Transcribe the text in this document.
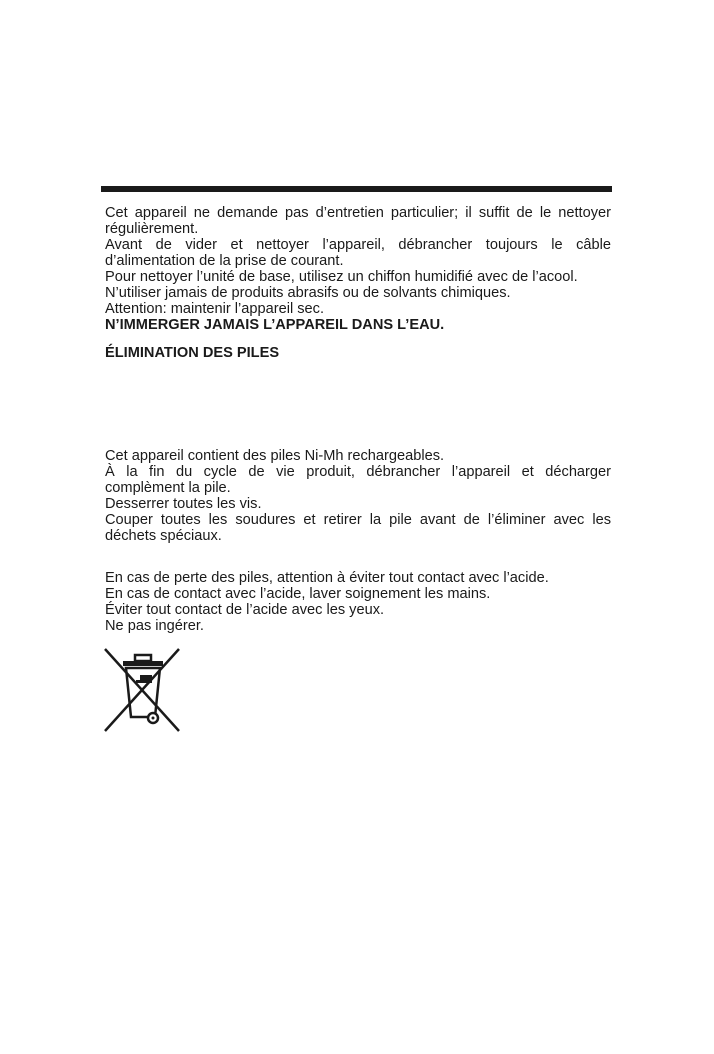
Cet appareil ne demande pas d’entretien particulier; il suffit de le nettoyer
régulièrement.
Avant de vider et nettoyer l’appareil, débrancher toujours le câble
d’alimentation de la prise de courant.
Pour nettoyer l’unité de base, utilisez un chiffon humidifié avec de l’acool.
N’utiliser jamais de produits abrasifs ou de solvants chimiques.
Attention: maintenir l’appareil sec.
N’IMMERGER JAMAIS L’APPAREIL DANS L’EAU.
ÉLIMINATION DES PILES
Cet appareil contient des piles Ni-Mh rechargeables.
À la fin du cycle de vie produit, débrancher l’appareil et décharger
complèment la pile.
Desserrer toutes les vis.
Couper toutes les soudures et retirer la pile avant de l’éliminer avec les
déchets spéciaux.
En cas de perte des piles, attention à éviter tout contact avec l’acide.
En cas de contact avec l’acide, laver soignement les mains.
Éviter tout contact de l’acide avec les yeux.
Ne pas ingérer.
